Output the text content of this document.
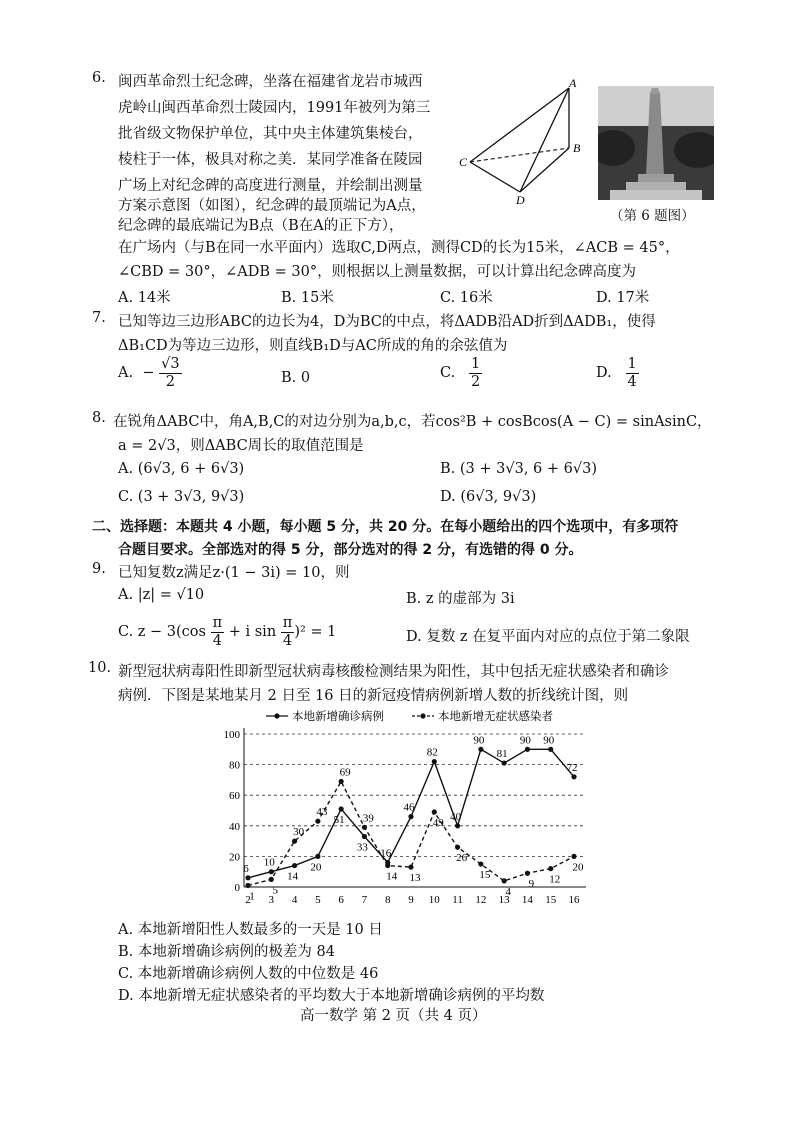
6. 闽西革命烈士纪念碑，坐落在福建省龙岩市城西
虎岭山闽西革命烈士陵园内，1991年被列为第三
批省级文物保护单位，其中央主体建筑集棱台，
棱柱于一体，极具对称之美．某同学准备在陵园
广场上对纪念碑的高度进行测量，并绘制出测量
方案示意图（如图），纪念碑的最顶端记为A点，
纪念碑的最底端记为B点（B在A的正下方），
在广场内（与B在同一水平面内）选取C,D两点，测得CD的长为15米，∠ACB = 45°，
∠CBD = 30°，∠ADB = 30°，则根据以上测量数据，可以计算出纪念碑高度为
A. 14米	B. 15米	C. 16米	D. 17米
A
B
C
D
（第 6 题图）
7. 已知等边三边形ABC的边长为4，D为BC的中点，将ΔADB沿AD折到ΔADB₁，使得
ΔB₁CD为等边三边形，则直线B₁D与AC所成的角的余弦值为
A. − $\frac{√3}{2}$	B. 0	C. $\frac{1}{2}$	D. $\frac{1}{4}$
8. 在锐角ΔABC中，角A,B,C的对边分别为a,b,c，若cos²B + cosBcos(A − C) = sinAsinC，
a = 2√3，则ΔABC周长的取值范围是
A. (6√3, 6 + 6√3)	B. (3 + 3√3, 6 + 6√3)
C. (3 + 3√3, 9√3)	D. (6√3, 9√3)
二、选择题：本题共 4 小题，每小题 5 分，共 20 分。在每小题给出的四个选项中，有多项符
合题目要求。全部选对的得 5 分，部分选对的得 2 分，有选错的得 0 分。
9. 已知复数z满足z·(1 − 3i) = 10，则
A. |z| = √10	B. z 的虚部为 3i
C. $z - 3(\cos \frac{\pi}{4} + i$ $\sin \frac{\pi}{4} )^2 = 1$	D. 复数 z 在复平面内对应的点位于第二象限
10. 新型冠状病毒阳性即新型冠状病毒核酸检测结果为阳性，其中包括无症状感染者和确诊
病例．下图是某地某月 2 日至 16 日的新冠疫情病例新增人数的折线统计图，则
本地新增确诊病例	本地新增无症状感染者
0
20
40
60
80
100
2 3 4 5 6 7 8 9 10 11 12 13 14 15 16
6
10
14
20
51
33
16
46
82
40
90
81
90 90
72
1
5
30
43
69
39
14 13
49
26
15
4
9 12
20
A. 本地新增阳性人数最多的一天是 10 日
B. 本地新增确诊病例的极差为 84
C. 本地新增确诊病例人数的中位数是 46
D. 本地新增无症状感染者的平均数大于本地新增确诊病例的平均数
高一数学 第 2 页（共 4 页）
